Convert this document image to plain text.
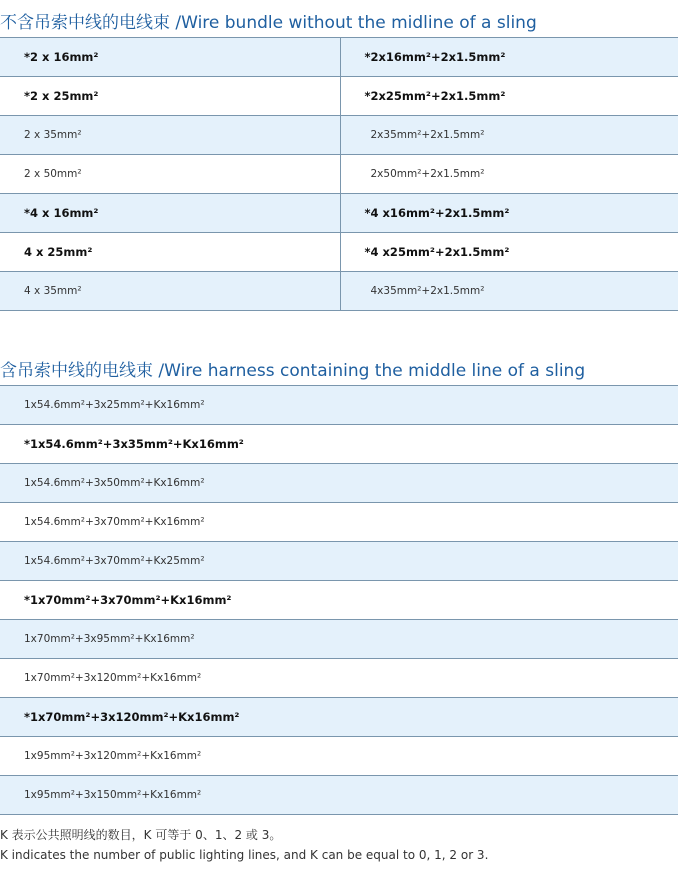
不含吊索中线的电线束 /Wire bundle without the midline of a sling
*2 x 16mm²	*2x16mm²+2x1.5mm²
*2 x 25mm²	*2x25mm²+2x1.5mm²
2 x 35mm²	2x35mm²+2x1.5mm²
2 x 50mm²	2x50mm²+2x1.5mm²
*4 x 16mm²	*4 x16mm²+2x1.5mm²
4 x 25mm²	*4 x25mm²+2x1.5mm²
4 x 35mm²	4x35mm²+2x1.5mm²
含吊索中线的电线束 /Wire harness containing the middle line of a sling
1x54.6mm²+3x25mm²+Kx16mm²
*1x54.6mm²+3x35mm²+Kx16mm²
1x54.6mm²+3x50mm²+Kx16mm²
1x54.6mm²+3x70mm²+Kx16mm²
1x54.6mm²+3x70mm²+Kx25mm²
*1x70mm²+3x70mm²+Kx16mm²
1x70mm²+3x95mm²+Kx16mm²
1x70mm²+3x120mm²+Kx16mm²
*1x70mm²+3x120mm²+Kx16mm²
1x95mm²+3x120mm²+Kx16mm²
1x95mm²+3x150mm²+Kx16mm²
K 表示公共照明线的数目，K 可等于 0、1、2 或 3。
K indicates the number of public lighting lines, and K can be equal to 0, 1, 2 or 3.
